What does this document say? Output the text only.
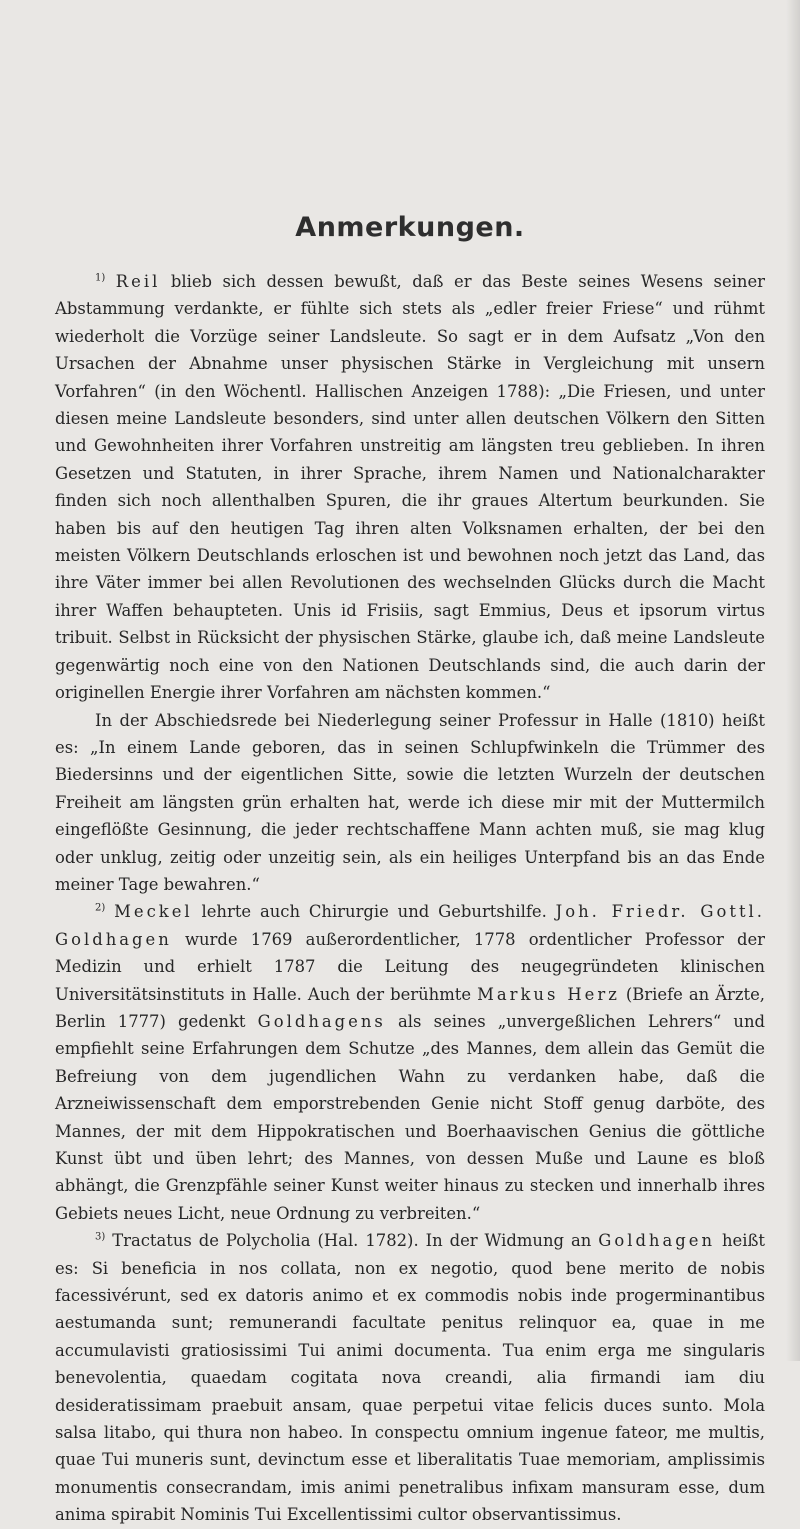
Anmerkungen.

$^{1)}$ Reil blieb sich dessen bewußt, daß er das Beste seines Wesens seiner Abstammung verdankte, er fühlte sich stets als „edler freier Friese“ und rühmt wiederholt die Vorzüge seiner Landsleute. So sagt er in dem Aufsatz „Von den Ursachen der Abnahme unser physischen Stärke in Vergleichung mit unsern Vorfahren“ (in den Wöchentl. Hallischen Anzeigen 1788): „Die Friesen, und unter diesen meine Landsleute besonders, sind unter allen deutschen Völkern den Sitten und Gewohnheiten ihrer Vorfahren unstreitig am längsten treu geblieben. In ihren Gesetzen und Statuten, in ihrer Sprache, ihrem Namen und Nationalcharakter finden sich noch allenthalben Spuren, die ihr graues Altertum beurkunden. Sie haben bis auf den heutigen Tag ihren alten Volksnamen erhalten, der bei den meisten Völkern Deutschlands erloschen ist und bewohnen noch jetzt das Land, das ihre Väter immer bei allen Revolutionen des wechselnden Glücks durch die Macht ihrer Waffen behaupteten. Unis id Frisiis, sagt Emmius, Deus et ipsorum virtus tribuit. Selbst in Rücksicht der physischen Stärke, glaube ich, daß meine Landsleute gegenwärtig noch eine von den Nationen Deutschlands sind, die auch darin der originellen Energie ihrer Vorfahren am nächsten kommen.“

In der Abschiedsrede bei Niederlegung seiner Professur in Halle (1810) heißt es: „In einem Lande geboren, das in seinen Schlupfwinkeln die Trümmer des Biedersinns und der eigentlichen Sitte, sowie die letzten Wurzeln der deutschen Freiheit am längsten grün erhalten hat, werde ich diese mir mit der Muttermilch eingeflößte Gesinnung, die jeder rechtschaffene Mann achten muß, sie mag klug oder unklug, zeitig oder unzeitig sein, als ein heiliges Unterpfand bis an das Ende meiner Tage bewahren.“

$^{2)}$ Meckel lehrte auch Chirurgie und Geburtshilfe. Joh. Friedr. Gottl. Goldhagen wurde 1769 außerordentlicher, 1778 ordentlicher Professor der Medizin und erhielt 1787 die Leitung des neugegründeten klinischen Universitätsinstituts in Halle. Auch der berühmte Markus Herz (Briefe an Ärzte, Berlin 1777) gedenkt Goldhagens als seines „unvergeßlichen Lehrers“ und empfiehlt seine Erfahrungen dem Schutze „des Mannes, dem allein das Gemüt die Befreiung von dem jugendlichen Wahn zu verdanken habe, daß die Arzneiwissenschaft dem emporstrebenden Genie nicht Stoff genug darböte, des Mannes, der mit dem Hippokratischen und Boerhaavischen Genius die göttliche Kunst übt und üben lehrt; des Mannes, von dessen Muße und Laune es bloß abhängt, die Grenzpfähle seiner Kunst weiter hinaus zu stecken und innerhalb ihres Gebiets neues Licht, neue Ordnung zu verbreiten.“

$^{3)}$ Tractatus de Polycholia (Hal. 1782). In der Widmung an Goldhagen heißt es: Si beneficia in nos collata, non ex negotio, quod bene merito de nobis facessivérunt, sed ex datoris animo et ex commodis nobis inde progerminantibus aestumanda sunt; remunerandi facultate penitus relinquor ea, quae in me accumulavisti gratiosissimi Tui animi documenta. Tua enim erga me singularis benevolentia, quaedam cogitata nova creandi, alia firmandi iam diu desideratissimam praebuit ansam, quae perpetui vitae felicis duces sunto. Mola salsa litabo, qui thura non habeo. In conspectu omnium ingenue fateor, me multis, quae Tui muneris sunt, devinctum esse et liberalitatis Tuae memoriam, amplissimis monumentis consecrandam, imis animi penetralibus infixam mansuram esse, dum anima spirabit Nominis Tui Excellentissimi cultor observantissimus.
